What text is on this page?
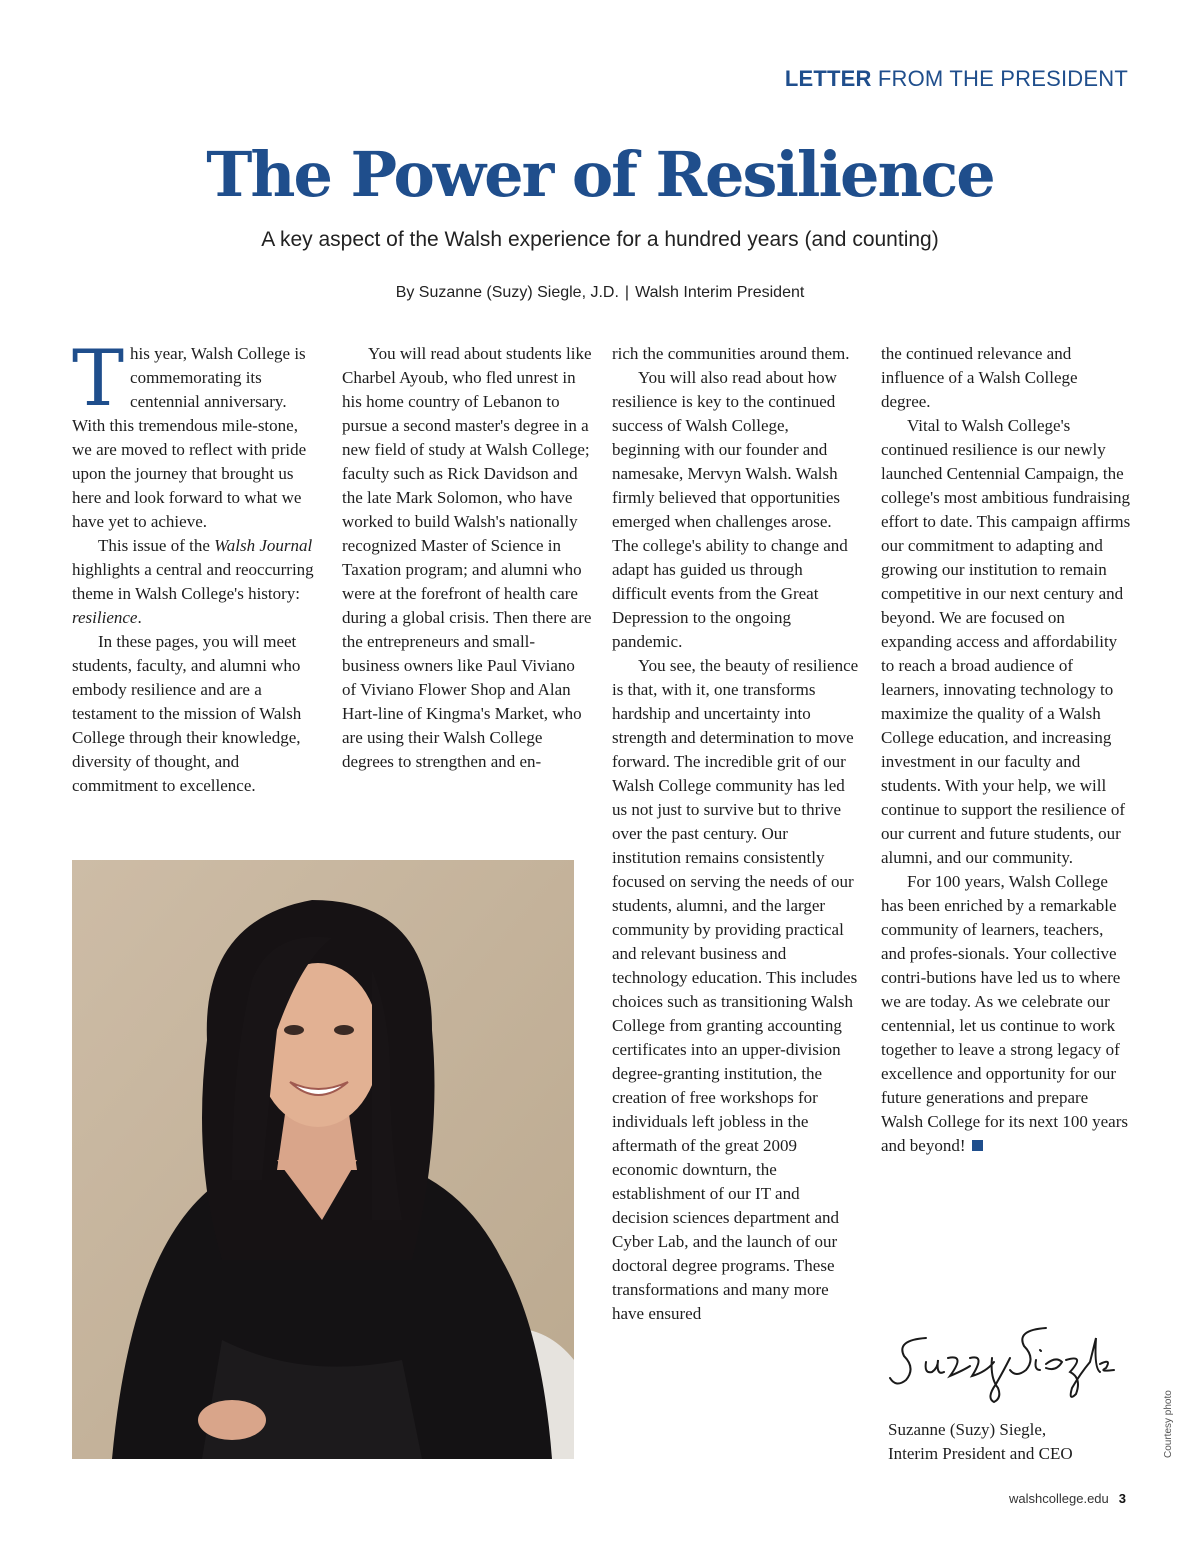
LETTER FROM THE PRESIDENT
The Power of Resilience
A key aspect of the Walsh experience for a hundred years (and counting)
By Suzanne (Suzy) Siegle, J.D. | Walsh Interim President

This year, Walsh College is commemorating its centennial anniversary. With this tremendous mile-stone, we are moved to reflect with pride upon the journey that brought us here and look forward to what we have yet to achieve.

This issue of the Walsh Journal highlights a central and reoccurring theme in Walsh College's history: resilience.

In these pages, you will meet students, faculty, and alumni who embody resilience and are a testament to the mission of Walsh College through their knowledge, diversity of thought, and commitment to excellence.

You will read about students like Charbel Ayoub, who fled unrest in his home country of Lebanon to pursue a second master's degree in a new field of study at Walsh College; faculty such as Rick Davidson and the late Mark Solomon, who have worked to build Walsh's nationally recognized Master of Science in Taxation program; and alumni who were at the forefront of health care during a global crisis. Then there are the entrepreneurs and small-business owners like Paul Viviano of Viviano Flower Shop and Alan Hart-line of Kingma's Market, who are using their Walsh College degrees to strengthen and en-

rich the communities around them.

You will also read about how resilience is key to the continued success of Walsh College, beginning with our founder and namesake, Mervyn Walsh. Walsh firmly believed that opportunities emerged when challenges arose. The college's ability to change and adapt has guided us through difficult events from the Great Depression to the ongoing pandemic.

You see, the beauty of resilience is that, with it, one transforms hardship and uncertainty into strength and determination to move forward. The incredible grit of our Walsh College community has led us not just to survive but to thrive over the past century. Our institution remains consistently focused on serving the needs of our students, alumni, and the larger community by providing practical and relevant business and technology education. This includes choices such as transitioning Walsh College from granting accounting certificates into an upper-division degree-granting institution, the creation of free workshops for individuals left jobless in the aftermath of the great 2009 economic downturn, the establishment of our IT and decision sciences department and Cyber Lab, and the launch of our doctoral degree programs. These transformations and many more have ensured

the continued relevance and influence of a Walsh College degree.

Vital to Walsh College's continued resilience is our newly launched Centennial Campaign, the college's most ambitious fundraising effort to date. This campaign affirms our commitment to adapting and growing our institution to remain competitive in our next century and beyond. We are focused on expanding access and affordability to reach a broad audience of learners, innovating technology to maximize the quality of a Walsh College education, and increasing investment in our faculty and students. With your help, we will continue to support the resilience of our current and future students, our alumni, and our community.

For 100 years, Walsh College has been enriched by a remarkable community of learners, teachers, and profes-sionals. Your collective contri-butions have led us to where we are today. As we celebrate our centennial, let us continue to work together to leave a strong legacy of excellence and opportunity for our future generations and prepare Walsh College for its next 100 years and beyond!

Suzanne (Suzy) Siegle,
Interim President and CEO	Courtesy photo
walshcollege.edu 3
